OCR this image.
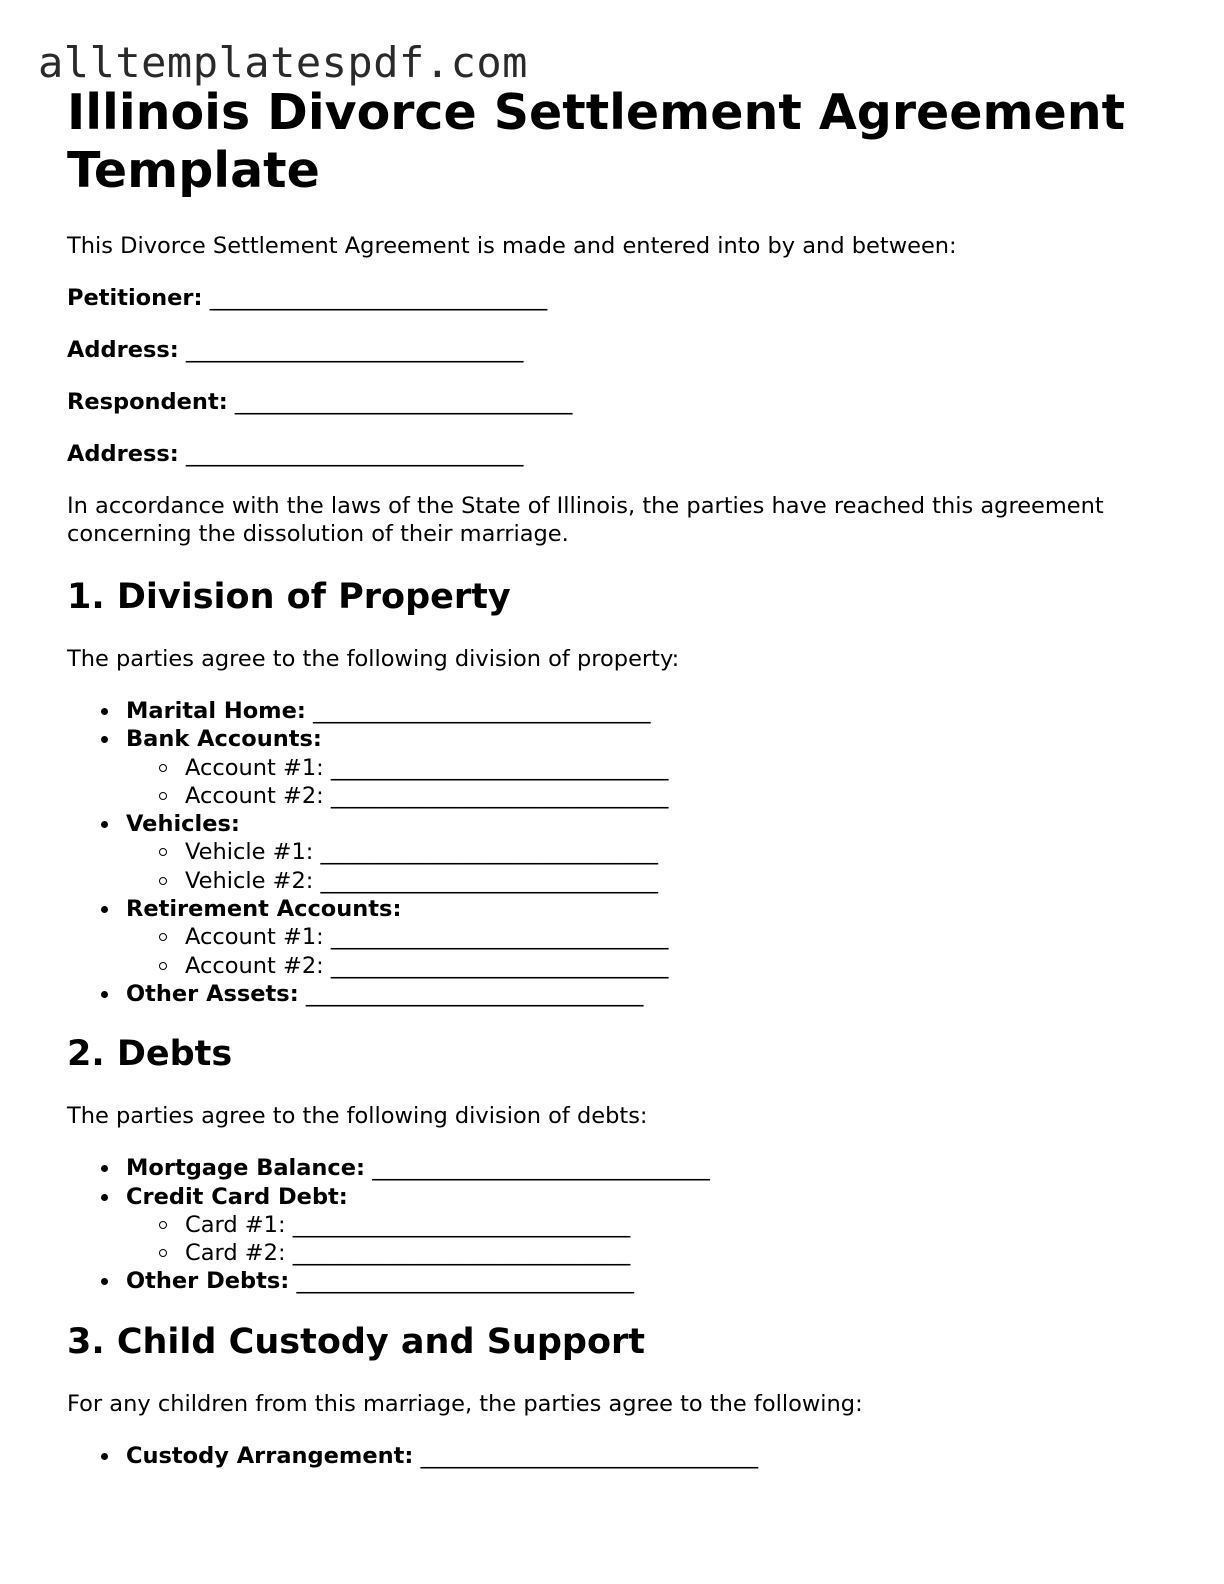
alltemplatespdf.com
Illinois Divorce Settlement Agreement Template

This Divorce Settlement Agreement is made and entered into by and between:

Petitioner: ______________________________

Address: ______________________________

Respondent: ______________________________

Address: ______________________________

In accordance with the laws of the State of Illinois, the parties have reached this agreement concerning the dissolution of their marriage.

1. Division of Property

The parties agree to the following division of property:

Marital Home: ______________________________
Bank Accounts:
Account #1: ______________________________
Account #2: ______________________________
Vehicles:
Vehicle #1: ______________________________
Vehicle #2: ______________________________
Retirement Accounts:
Account #1: ______________________________
Account #2: ______________________________
Other Assets: ______________________________
2. Debts

The parties agree to the following division of debts:

Mortgage Balance: ______________________________
Credit Card Debt:
Card #1: ______________________________
Card #2: ______________________________
Other Debts: ______________________________
3. Child Custody and Support

For any children from this marriage, the parties agree to the following:

Custody Arrangement: ______________________________
